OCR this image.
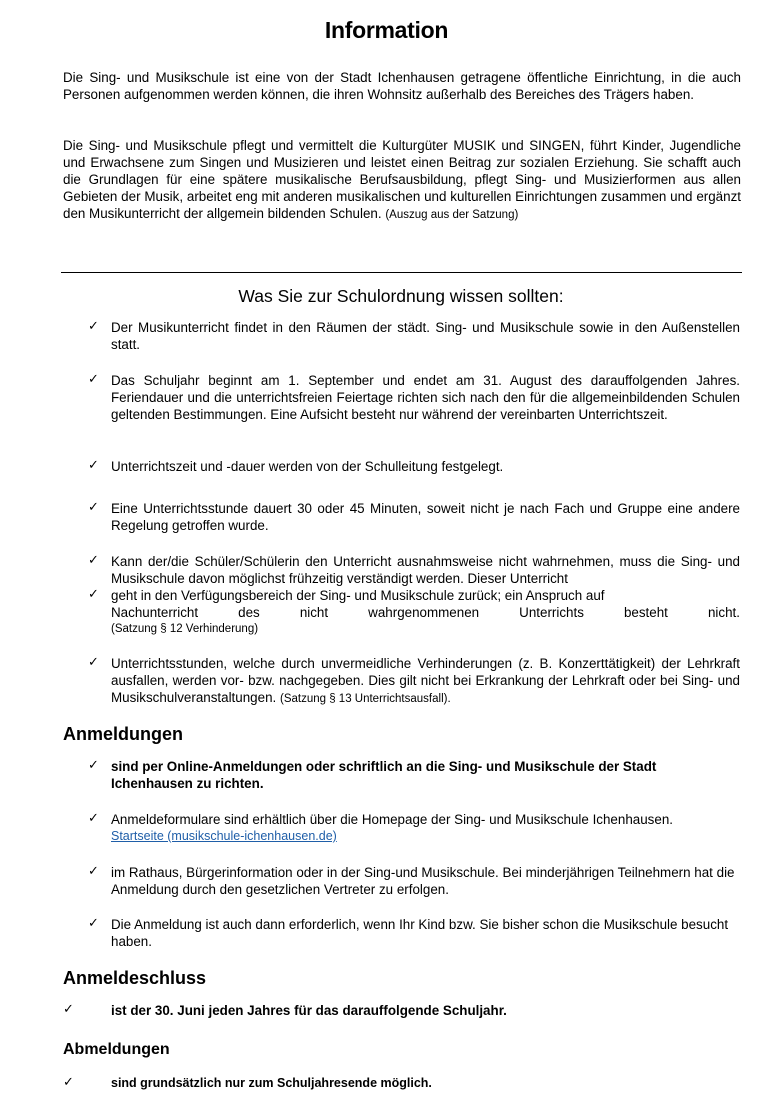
Information
Die Sing- und Musikschule ist eine von der Stadt Ichenhausen getragene öffentliche Einrichtung, in die auch Personen aufgenommen werden können, die ihren Wohnsitz außerhalb des Bereiches des Trägers haben.
Die Sing- und Musikschule pflegt und vermittelt die Kulturgüter MUSIK und SINGEN, führt Kinder, Jugendliche und Erwachsene zum Singen und Musizieren und leistet einen Beitrag zur sozialen Erziehung. Sie schafft auch die Grundlagen für eine spätere musikalische Berufsausbildung, pflegt Sing- und Musizierformen aus allen Gebieten der Musik, arbeitet eng mit anderen musikalischen und kulturellen Einrichtungen zusammen und ergänzt den Musikunterricht der allgemein bildenden Schulen. (Auszug aus der Satzung)
Was Sie zur Schulordnung wissen sollten:
✓ Der Musikunterricht findet in den Räumen der städt. Sing- und Musikschule sowie in den Außenstellen statt.
✓ Das Schuljahr beginnt am 1. September und endet am 31. August des darauffolgenden Jahres. Feriendauer und die unterrichtsfreien Feiertage richten sich nach den für die allgemeinbildenden Schulen geltenden Bestimmungen. Eine Aufsicht besteht nur während der vereinbarten Unterrichtszeit.
✓ Unterrichtszeit und -dauer werden von der Schulleitung festgelegt.
✓ Eine Unterrichtsstunde dauert 30 oder 45 Minuten, soweit nicht je nach Fach und Gruppe eine andere Regelung getroffen wurde.
✓ Kann der/die Schüler/Schülerin den Unterricht ausnahmsweise nicht wahrnehmen, muss die Sing- und Musikschule davon möglichst frühzeitig verständigt werden. Dieser Unterricht
✓ geht in den Verfügungsbereich der Sing- und Musikschule zurück; ein Anspruch auf
Nachunterricht	des	nicht	wahrgenommenen	Unterrichts	besteht	nicht.
(Satzung § 12 Verhinderung)
✓ Unterrichtsstunden, welche durch unvermeidliche Verhinderungen (z. B. Konzerttätigkeit) der Lehrkraft ausfallen, werden vor- bzw. nachgegeben. Dies gilt nicht bei Erkrankung der Lehrkraft oder bei Sing- und Musikschulveranstaltungen. (Satzung § 13 Unterrichtsausfall).
Anmeldungen
✓ sind per Online-Anmeldungen oder schriftlich an die Sing- und Musikschule der Stadt Ichenhausen zu richten.
✓ Anmeldeformulare sind erhältlich über die Homepage der Sing- und Musikschule Ichenhausen.
Startseite (musikschule-ichenhausen.de)
✓ im Rathaus, Bürgerinformation oder in der Sing-und Musikschule. Bei minderjährigen Teilnehmern hat die Anmeldung durch den gesetzlichen Vertreter zu erfolgen.
✓ Die Anmeldung ist auch dann erforderlich, wenn Ihr Kind bzw. Sie bisher schon die Musikschule besucht haben.
Anmeldeschluss
✓	ist der 30. Juni jeden Jahres für das darauffolgende Schuljahr.
Abmeldungen
✓	sind grundsätzlich nur zum Schuljahresende möglich.
